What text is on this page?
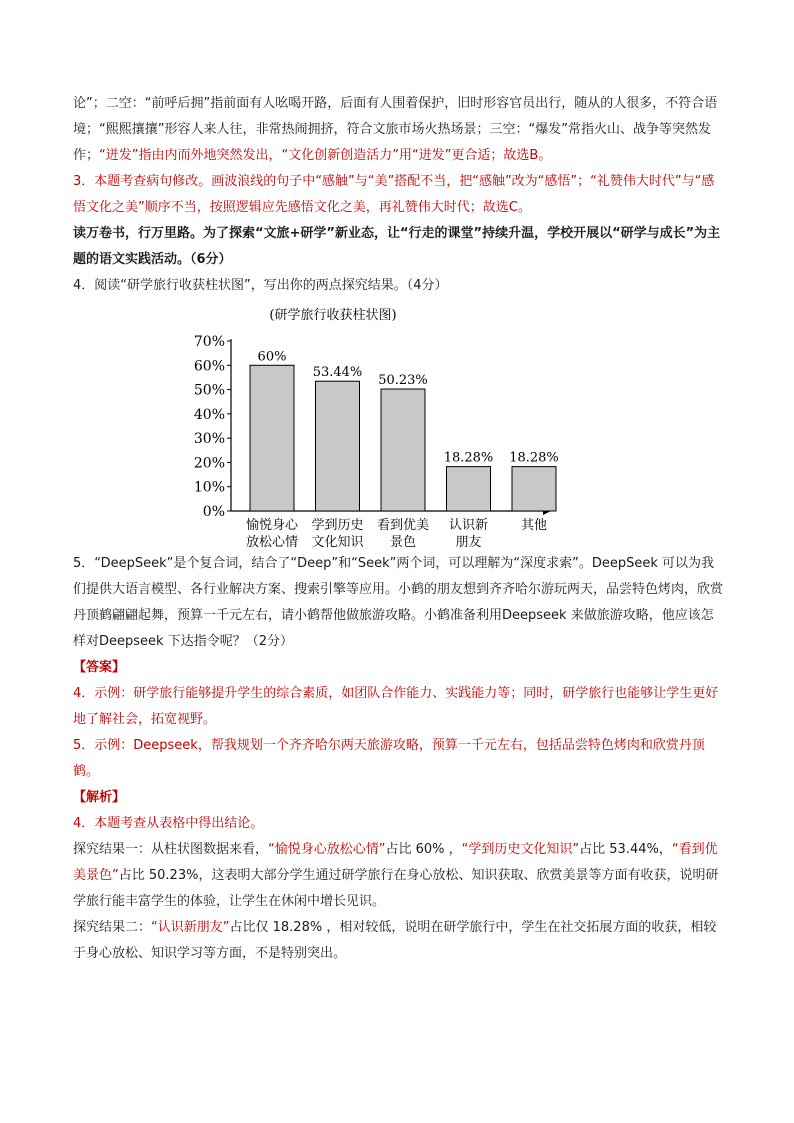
论”；二空：“前呼后拥”指前面有人吆喝开路，后面有人围着保护，旧时形容官员出行，随从的人很多，不符合语境；“熙熙攘攘”形容人来人往，非常热闹拥挤，符合文旅市场火热场景；三空：“爆发”常指火山、战争等突然发作；“迸发”指由内而外地突然发出，“文化创新创造活力”用“迸发”更合适；故选B。

3．本题考查病句修改。画波浪线的句子中“感触”与“美”搭配不当，把“感触”改为“感悟”；“礼赞伟大时代”与“感悟文化之美”顺序不当，按照逻辑应先感悟文化之美，再礼赞伟大时代；故选C。

读万卷书，行万里路。为了探索“文旅+研学”新业态，让“行走的课堂”持续升温，学校开展以“研学与成长”为主题的语文实践活动。（6分）

4．阅读“研学旅行收获柱状图”，写出你的两点探究结果。（4分）

(研学旅行收获柱状图)
0%
10%
20%
30%
40%
50%
60%
70%
60%
愉悦身心
放松心情
53.44%
学到历史
文化知识
50.23%
看到优美
景色
18.28%
认识新
朋友
18.28%
其他

5．“DeepSeek”是个复合词，结合了“Deep”和“Seek”两个词，可以理解为“深度求索”。DeepSeek 可以为我们提供大语言模型、各行业解决方案、搜索引擎等应用。小鹤的朋友想到齐齐哈尔游玩两天，品尝特色烤肉，欣赏丹顶鹤翩翩起舞，预算一千元左右，请小鹤帮他做旅游攻略。小鹤准备利用Deepseek 来做旅游攻略，他应该怎样对Deepseek 下达指令呢？（2分）

【答案】

4．示例：研学旅行能够提升学生的综合素质，如团队合作能力、实践能力等；同时，研学旅行也能够让学生更好地了解社会，拓宽视野。

5．示例：Deepseek，帮我规划一个齐齐哈尔两天旅游攻略，预算一千元左右，包括品尝特色烤肉和欣赏丹顶鹤。

【解析】

4．本题考查从表格中得出结论。

探究结果一：从柱状图数据来看，“愉悦身心放松心情”占比 60% ，“学到历史文化知识”占比 53.44%，“看到优美景色”占比 50.23%，这表明大部分学生通过研学旅行在身心放松、知识获取、欣赏美景等方面有收获，说明研学旅行能丰富学生的体验，让学生在休闲中增长见识。

探究结果二：“认识新朋友”占比仅 18.28% ，相对较低，说明在研学旅行中，学生在社交拓展方面的收获，相较于身心放松、知识学习等方面，不是特别突出。
